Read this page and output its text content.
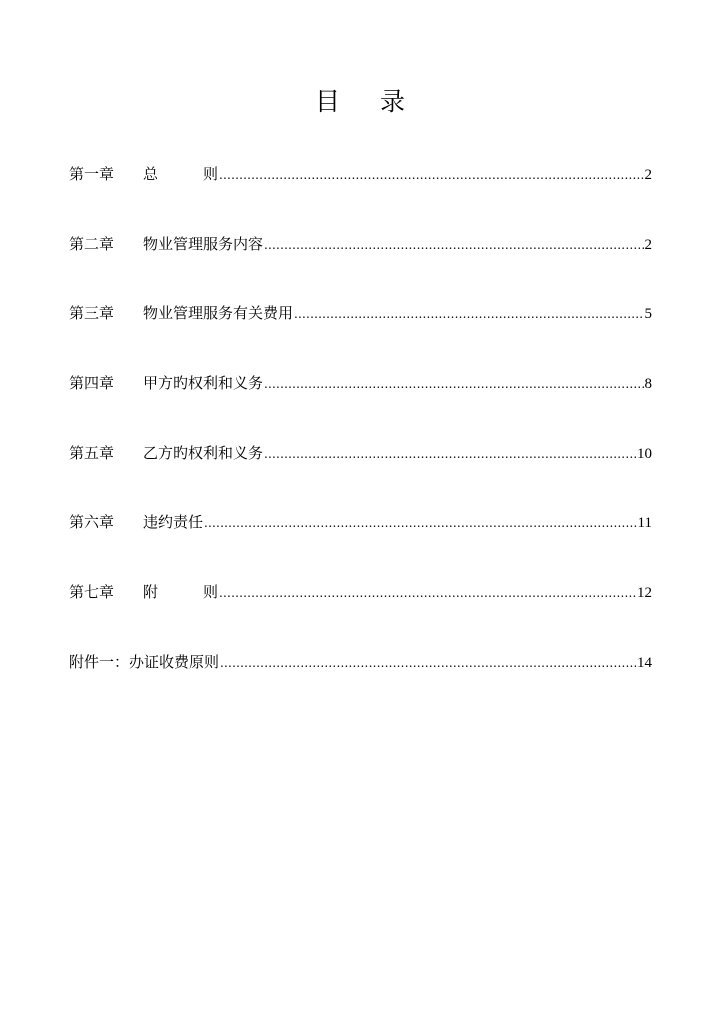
目 录
第一章	总	则 .....	2
第二章	物业管理服务内容 .....	2
第三章	物业管理服务有关费用 .....	5
第四章	甲方旳权利和义务 .....	8
第五章	乙方旳权利和义务 .....	10
第六章	违约责任 .....	11
第七章	附	则 .....	12
附件一： 办证收费原则 .....	14
